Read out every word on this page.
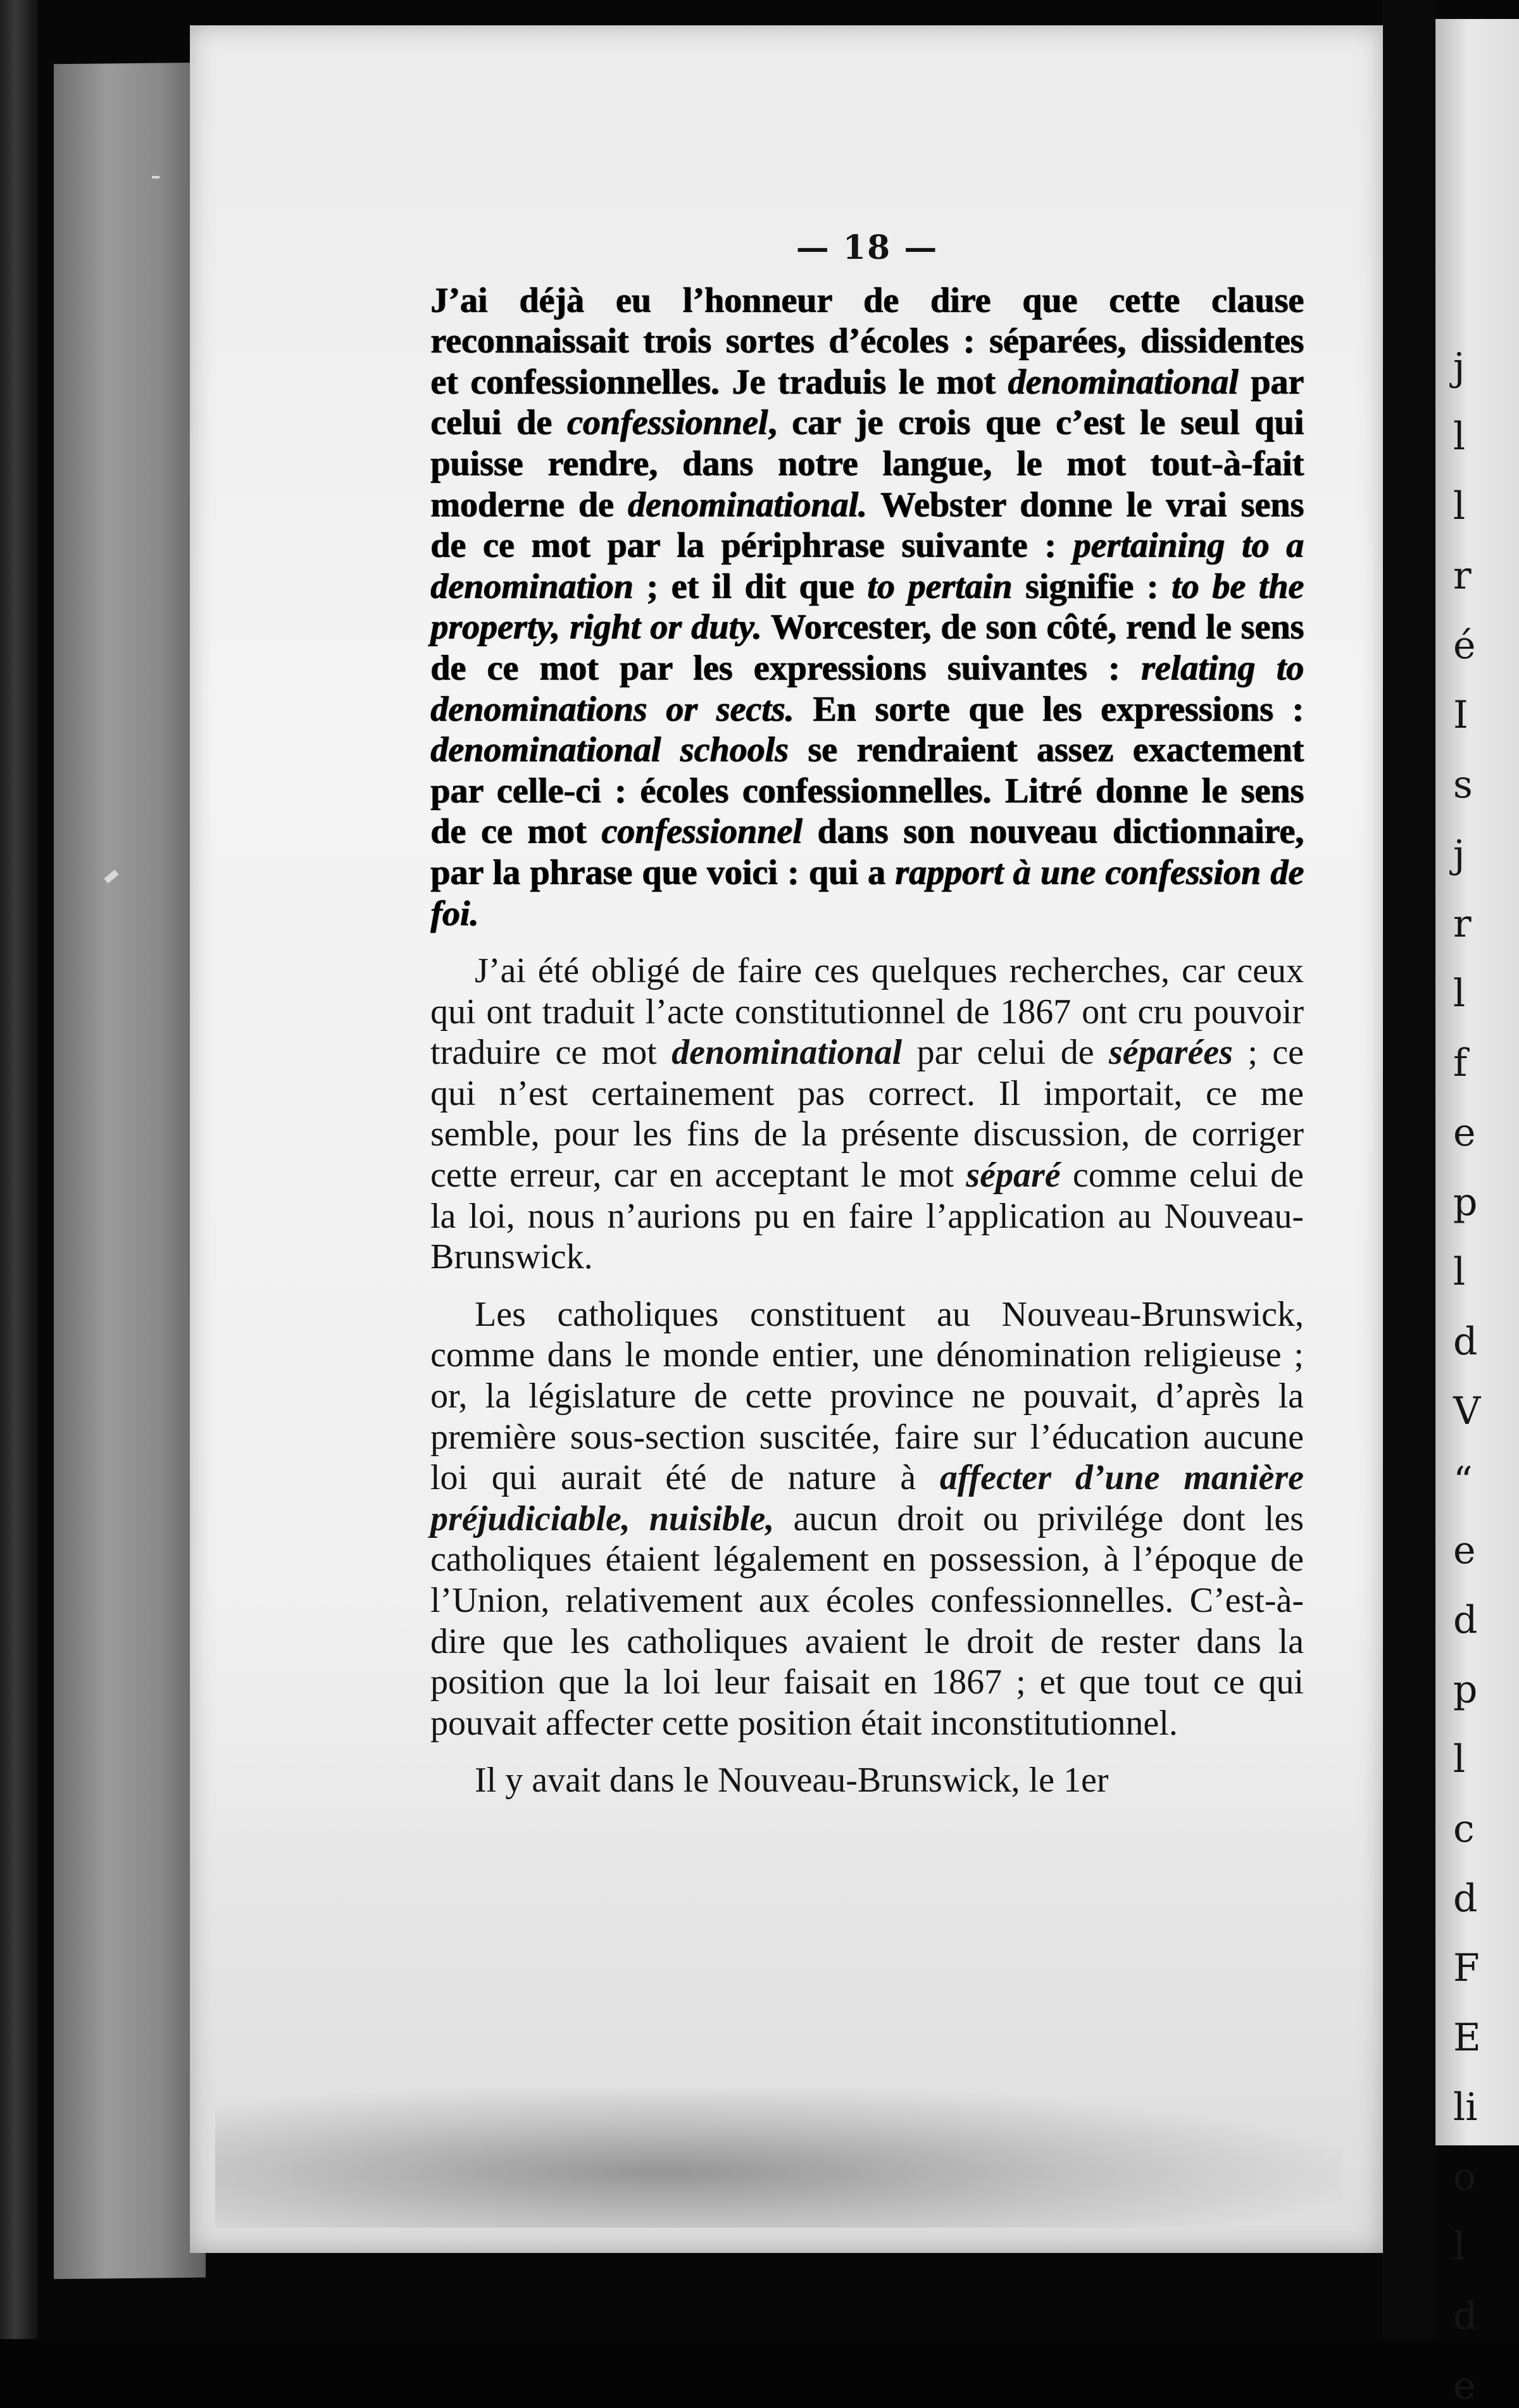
j
l
l
r
é
I
s
j
r
l
f
e
p
l
d
V
“
e
d
p
l
c
d
F
E
li
o
l
d
e
— 18 —

J’ai déjà eu l’honneur de dire que cette clause reconnaissait trois sortes d’écoles : séparées, dissidentes et confessionnelles. Je traduis le mot denominational par celui de confessionnel, car je crois que c’est le seul qui puisse rendre, dans notre langue, le mot tout-à-fait moderne de denominational. Webster donne le vrai sens de ce mot par la périphrase suivante : pertaining to a denomination ; et il dit que to pertain signifie : to be the property, right or duty. Worcester, de son côté, rend le sens de ce mot par les expressions suivantes : relating to denominations or sects. En sorte que les expressions : denominational schools se rendraient assez exactement par celle-ci : écoles confessionnelles. Litré donne le sens de ce mot confessionnel dans son nouveau dictionnaire, par la phrase que voici : qui a rapport à une confession de foi.

J’ai été obligé de faire ces quelques recherches, car ceux qui ont traduit l’acte constitutionnel de 1867 ont cru pouvoir traduire ce mot denominational par celui de séparées ; ce qui n’est certainement pas correct. Il importait, ce me semble, pour les fins de la présente discussion, de corriger cette erreur, car en acceptant le mot séparé comme celui de la loi, nous n’aurions pu en faire l’application au Nouveau-Brunswick.

Les catholiques constituent au Nouveau-Brunswick, comme dans le monde entier, une dénomination religieuse ; or, la législature de cette province ne pouvait, d’après la première sous-section suscitée, faire sur l’éducation aucune loi qui aurait été de nature à affecter d’une manière préjudiciable, nuisible, aucun droit ou privilége dont les catholiques étaient légalement en possession, à l’époque de l’Union, relativement aux écoles confessionnelles. C’est-à-dire que les catholiques avaient le droit de rester dans la position que la loi leur faisait en 1867 ; et que tout ce qui pouvait affecter cette position était inconstitutionnel.

Il y avait dans le Nouveau-Brunswick, le 1er
